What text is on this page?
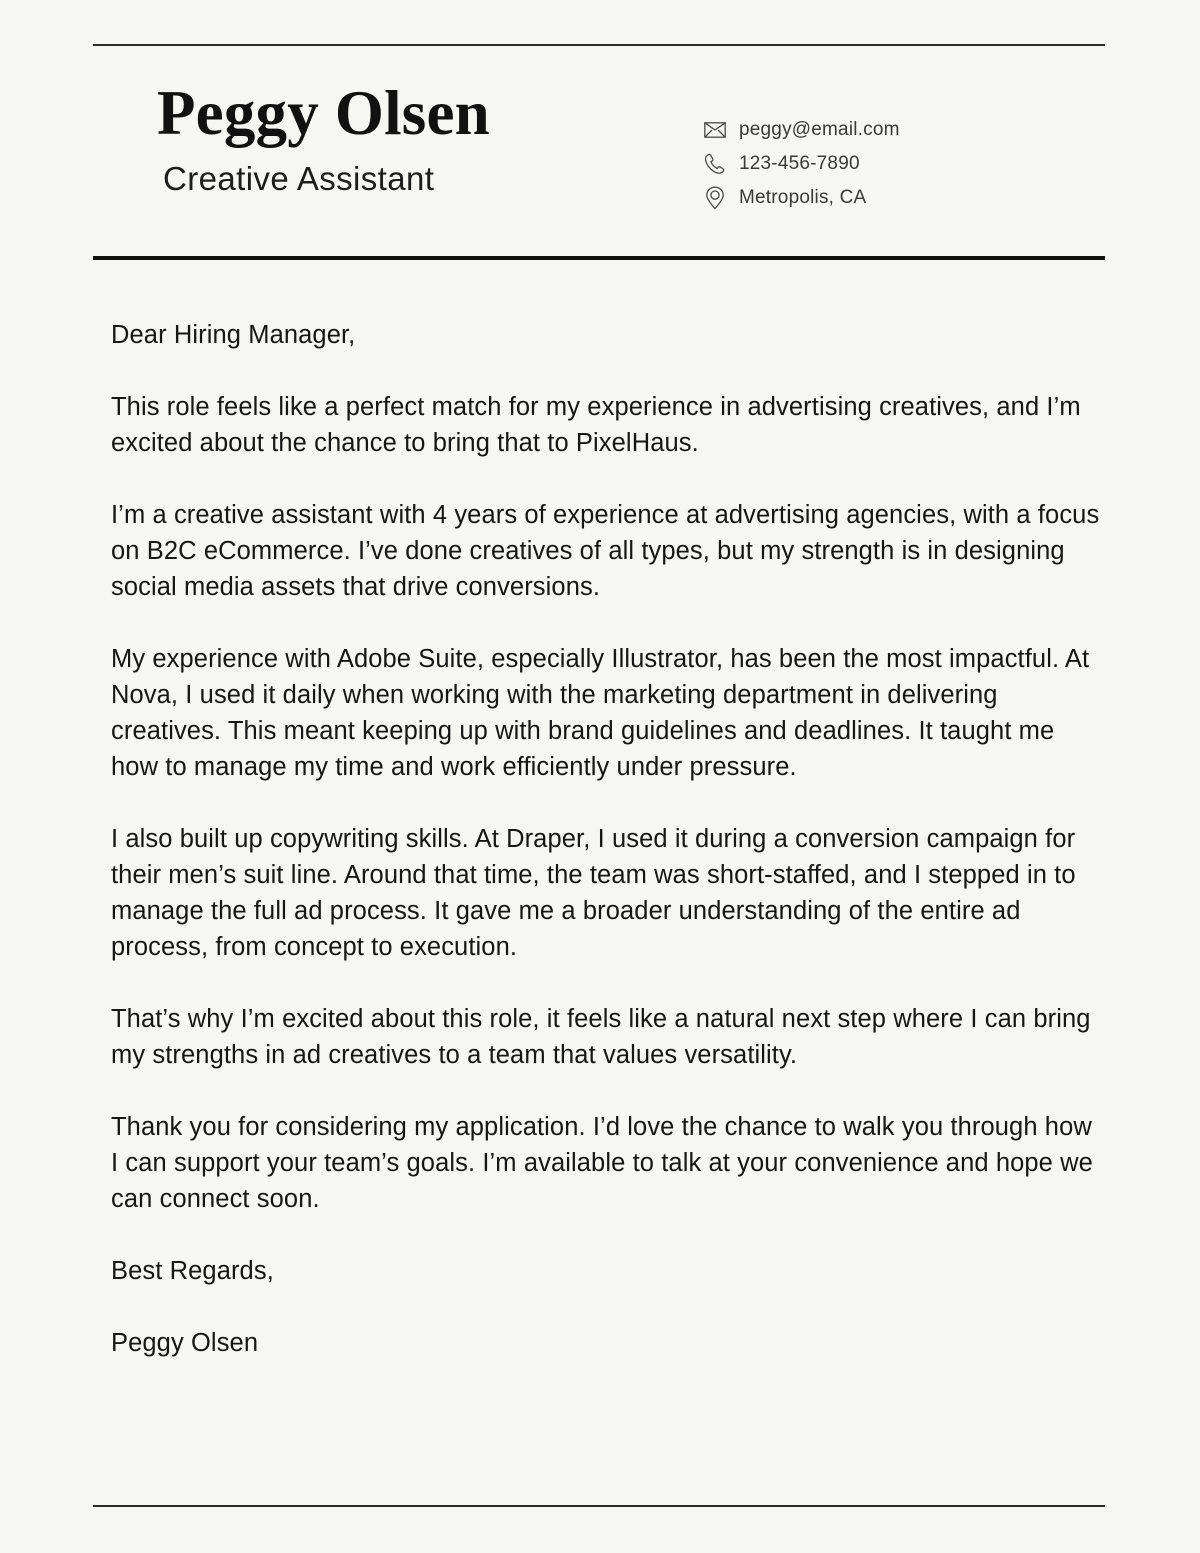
Peggy Olsen
Creative Assistant
peggy@email.com
123-456-7890
Metropolis, CA

Dear Hiring Manager,

This role feels like a perfect match for my experience in advertising creatives, and I’m excited about the chance to bring that to PixelHaus.

I’m a creative assistant with 4 years of experience at advertising agencies, with a focus on B2C eCommerce. I’ve done creatives of all types, but my strength is in designing social media assets that drive conversions.

My experience with Adobe Suite, especially Illustrator, has been the most impactful. At Nova, I used it daily when working with the marketing department in delivering creatives. This meant keeping up with brand guidelines and deadlines. It taught me how to manage my time and work efficiently under pressure.

I also built up copywriting skills. At Draper, I used it during a conversion campaign for their men’s suit line. Around that time, the team was short-staffed, and I stepped in to manage the full ad process. It gave me a broader understanding of the entire ad process, from concept to execution.

That’s why I’m excited about this role, it feels like a natural next step where I can bring my strengths in ad creatives to a team that values versatility.

Thank you for considering my application. I’d love the chance to walk you through how I can support your team’s goals. I’m available to talk at your convenience and hope we can connect soon.

Best Regards,

Peggy Olsen
